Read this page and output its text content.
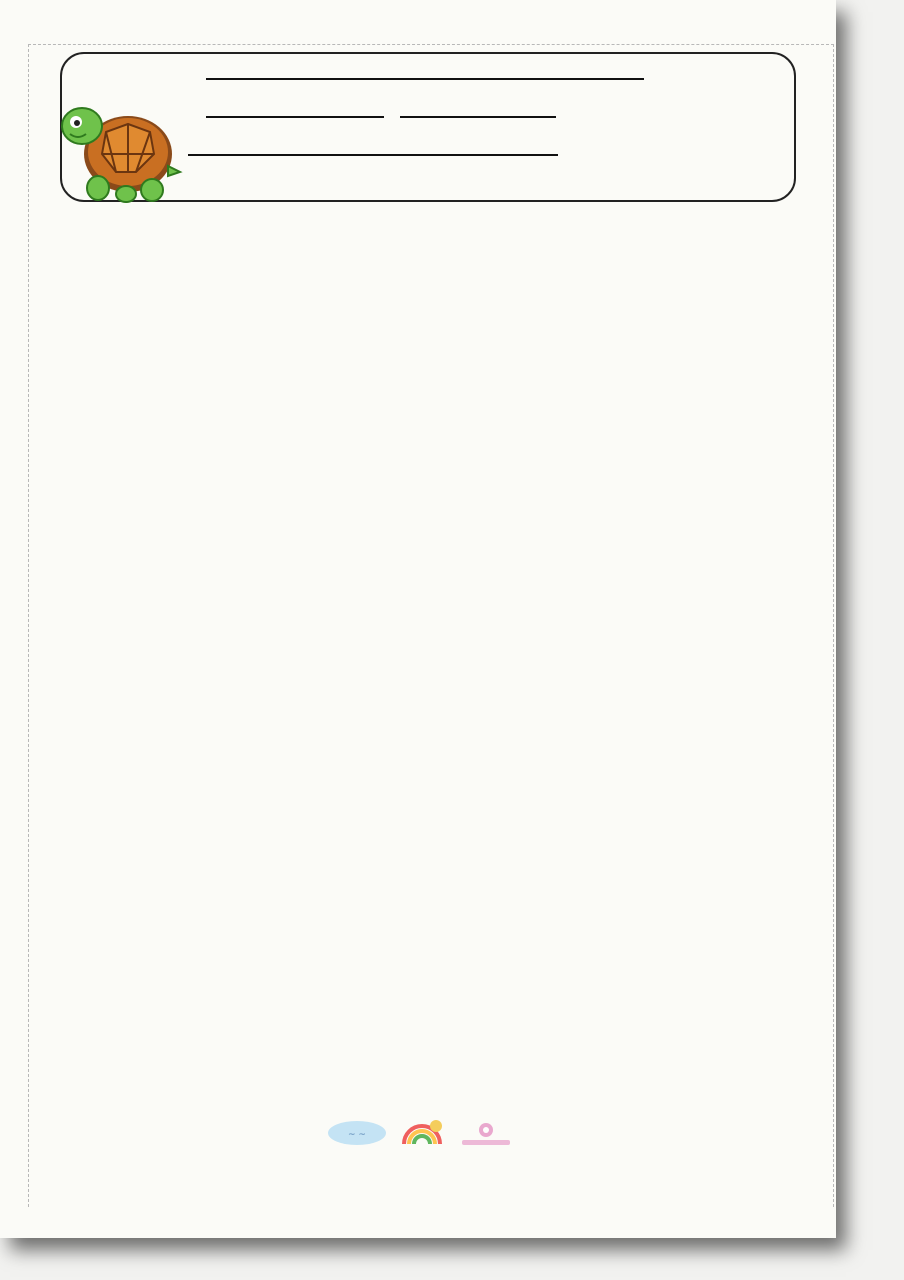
~ ~
